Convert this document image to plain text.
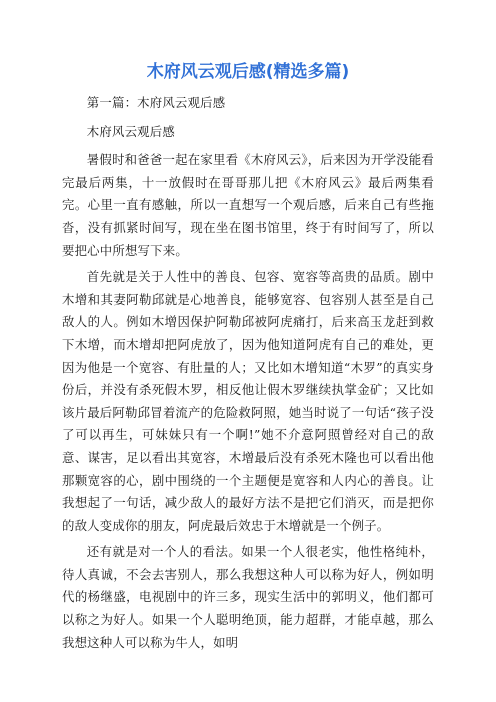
木府风云观后感(精选多篇)

第一篇：木府风云观后感

木府风云观后感

暑假时和爸爸一起在家里看《木府风云》，后来因为开学没能看完最后两集，十一放假时在哥哥那儿把《木府风云》最后两集看完。心里一直有感触，所以一直想写一个观后感，后来自己有些拖沓，没有抓紧时间写，现在坐在图书馆里，终于有时间写了，所以要把心中所想写下来。

首先就是关于人性中的善良、包容、宽容等高贵的品质。剧中木增和其妻阿勒邱就是心地善良，能够宽容、包容别人甚至是自己敌人的人。例如木增因保护阿勒邱被阿虎痛打，后来高玉龙赶到救下木增，而木增却把阿虎放了，因为他知道阿虎有自己的难处，更因为他是一个宽容、有肚量的人；又比如木增知道“木罗”的真实身份后，并没有杀死假木罗，相反他让假木罗继续执掌金矿；又比如该片最后阿勒邱冒着流产的危险救阿照，她当时说了一句话“孩子没了可以再生，可妹妹只有一个啊!”她不介意阿照曾经对自己的敌意、谋害，足以看出其宽容，木增最后没有杀死木隆也可以看出他那颗宽容的心，剧中围绕的一个主题便是宽容和人内心的善良。让我想起了一句话，减少敌人的最好方法不是把它们消灭，而是把你的敌人变成你的朋友，阿虎最后效忠于木增就是一个例子。

还有就是对一个人的看法。如果一个人很老实，他性格纯朴，待人真诚，不会去害别人，那么我想这种人可以称为好人，例如明代的杨继盛，电视剧中的许三多，现实生活中的郭明义，他们都可以称之为好人。如果一个人聪明绝顶，能力超群，才能卓越，那么我想这种人可以称为牛人，如明
